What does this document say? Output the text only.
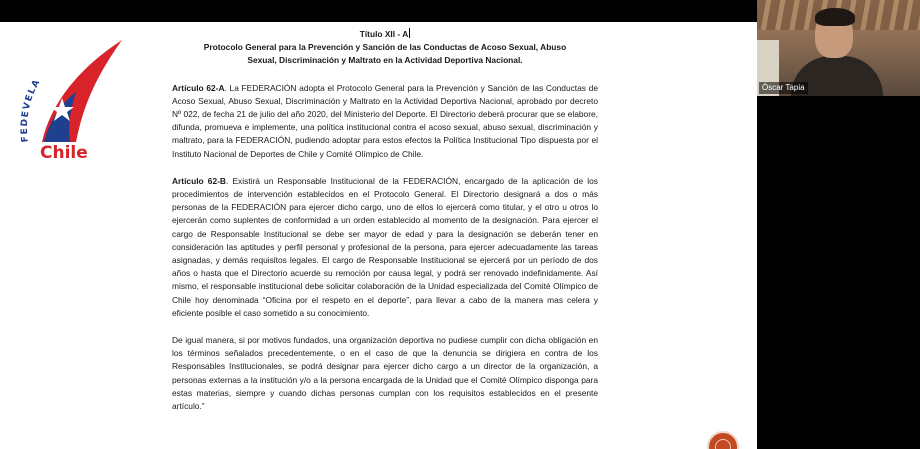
FEDEVELA
Chile
Título XII - A
Protocolo General para la Prevención y Sanción de las Conductas de Acoso Sexual, Abuso
Sexual, Discriminación y Maltrato en la Actividad Deportiva Nacional.
Artículo 62-A. La FEDERACIÓN adopta el Protocolo General para la Prevención y Sanción de las Conductas de Acoso Sexual, Abuso Sexual, Discriminación y Maltrato en la Actividad Deportiva Nacional, aprobado por decreto Nº 022, de fecha 21 de julio del año 2020, del Ministerio del Deporte. El Directorio deberá procurar que se elabore, difunda, promueva e implemente, una política institucional contra el acoso sexual, abuso sexual, discriminación y maltrato, para la FEDERACIÓN, pudiendo adoptar para estos efectos la Política Institucional Tipo dispuesta por el Instituto Nacional de Deportes de Chile y Comité Olímpico de Chile.
Artículo 62-B. Existirá un Responsable Institucional de la FEDERACIÓN, encargado de la aplicación de los procedimientos de intervención establecidos en el Protocolo General. El Directorio designará a dos o más personas de la FEDERACIÓN para ejercer dicho cargo, uno de ellos lo ejercerá como titular, y el otro u otros lo ejercerán como suplentes de conformidad a un orden establecido al momento de la designación. Para ejercer el cargo de Responsable Institucional se debe ser mayor de edad y para la designación se deberán tener en consideración las aptitudes y perfil personal y profesional de la persona, para ejercer adecuadamente las tareas asignadas, y demás requisitos legales. El cargo de Responsable Institucional se ejercerá por un período de dos años o hasta que el Directorio acuerde su remoción por causa legal, y podrá ser renovado indefinidamente. Así mismo, el responsable institucional debe solicitar colaboración de la Unidad especializada del Comité Olímpico de Chile hoy denominada “Oficina por el respeto en el deporte”, para llevar a cabo de la manera mas celera y eficiente posible el caso sometido a su conocimiento.
De igual manera, si por motivos fundados, una organización deportiva no pudiese cumplir con dicha obligación en los términos señalados precedentemente, o en el caso de que la denuncia se dirigiera en contra de los Responsables Institucionales, se podrá designar para ejercer dicho cargo a un director de la organización, a personas externas a la institución y/o a la persona encargada de la Unidad que el Comité Olímpico disponga para estas materias, siempre y cuando dichas personas cumplan con los requisitos establecidos en el presente artículo.”
Óscar Tapia
